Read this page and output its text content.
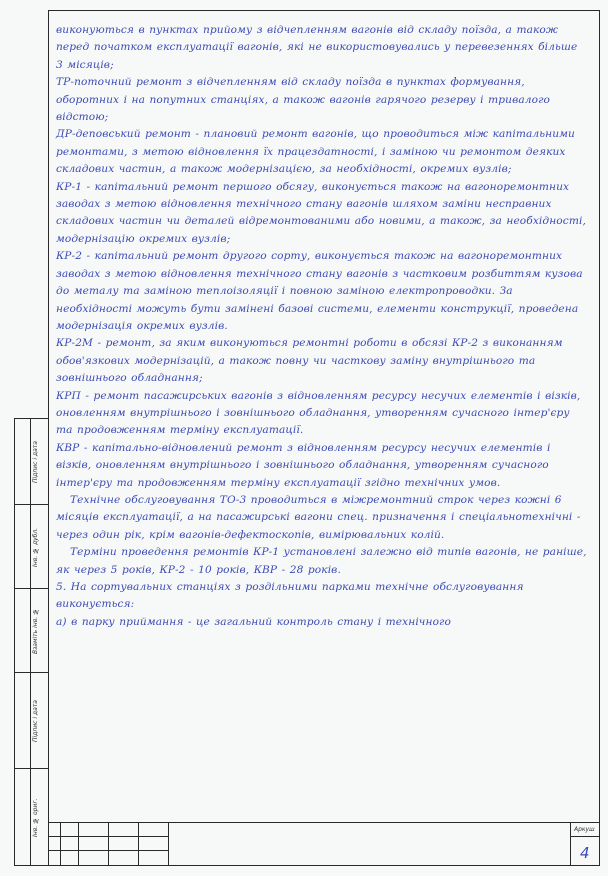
виконуються в пунктах прийому з відчепленням вагонів від складу поїзда, а також перед початком експлуатації вагонів, які не використовувались у перевезеннях більше 3 місяців;

ТР-поточний ремонт з відчепленням від складу поїзда в пунктах формування, оборотних і на попутних станціях, а також вагонів гарячого резерву і тривалого відстою;

ДР-деповський ремонт - плановий ремонт вагонів, що проводиться між капітальними ремонтами, з метою відновлення їх працездатності, і заміною чи ремонтом деяких складових частин, а також модернізацією, за необхідності, окремих вузлів;

КР-1 - капітальний ремонт першого обсягу, виконується також на вагоноремонтних заводах з метою відновлення технічного стану вагонів шляхом заміни несправних складових частин чи деталей відремонтованими або новими, а також, за необхідності, модернізацію окремих вузлів;

КР-2 - капітальний ремонт другого сорту, виконується також на вагоноремонтних заводах з метою відновлення технічного стану вагонів з частковим розбиттям кузова до металу та заміною теплоізоляції і повною заміною електропроводки. За необхідності можуть бути замінені базові системи, елементи конструкції, проведена модернізація окремих вузлів.

КР-2М - ремонт, за яким виконуються ремонтні роботи в обсязі КР-2 з виконанням обов'язкових модернізацій, а також повну чи часткову заміну внутрішнього та зовнішнього обладнання;

КРП - ремонт пасажирських вагонів з відновленням ресурсу несучих елементів і візків, оновленням внутрішнього і зовнішнього обладнання, утворенням сучасного інтер'єру та продовженням терміну експлуатації.

КВР - капітально-відновлений ремонт з відновленням ресурсу несучих елементів і візків, оновленням внутрішнього і зовнішнього обладнання, утворенням сучасного інтер'єру та продовженням терміну експлуатації згідно технічних умов.

Технічне обслуговування ТО-3 проводиться в міжремонтний строк через кожні 6 місяців експлуатації, а на пасажирські вагони спец. призначення і спеціальнотехнічні - через один рік, крім вагонів-дефектоскопів, вимірювальних колій.

Терміни проведення ремонтів КР-1 установлені залежно від типів вагонів, не раніше, як через 5 років, КР-2 - 10 років, КВР - 28 років.

5. На сортувальних станціях з роздільними парками технічне обслуговування виконується:

а) в парку приймання - це загальний контроль стану і технічного

Підпис і дата
Інв. № дубл.
Взаміть інв. №
Підпис і дата
Інв. № ориг.	Аркуш
4
